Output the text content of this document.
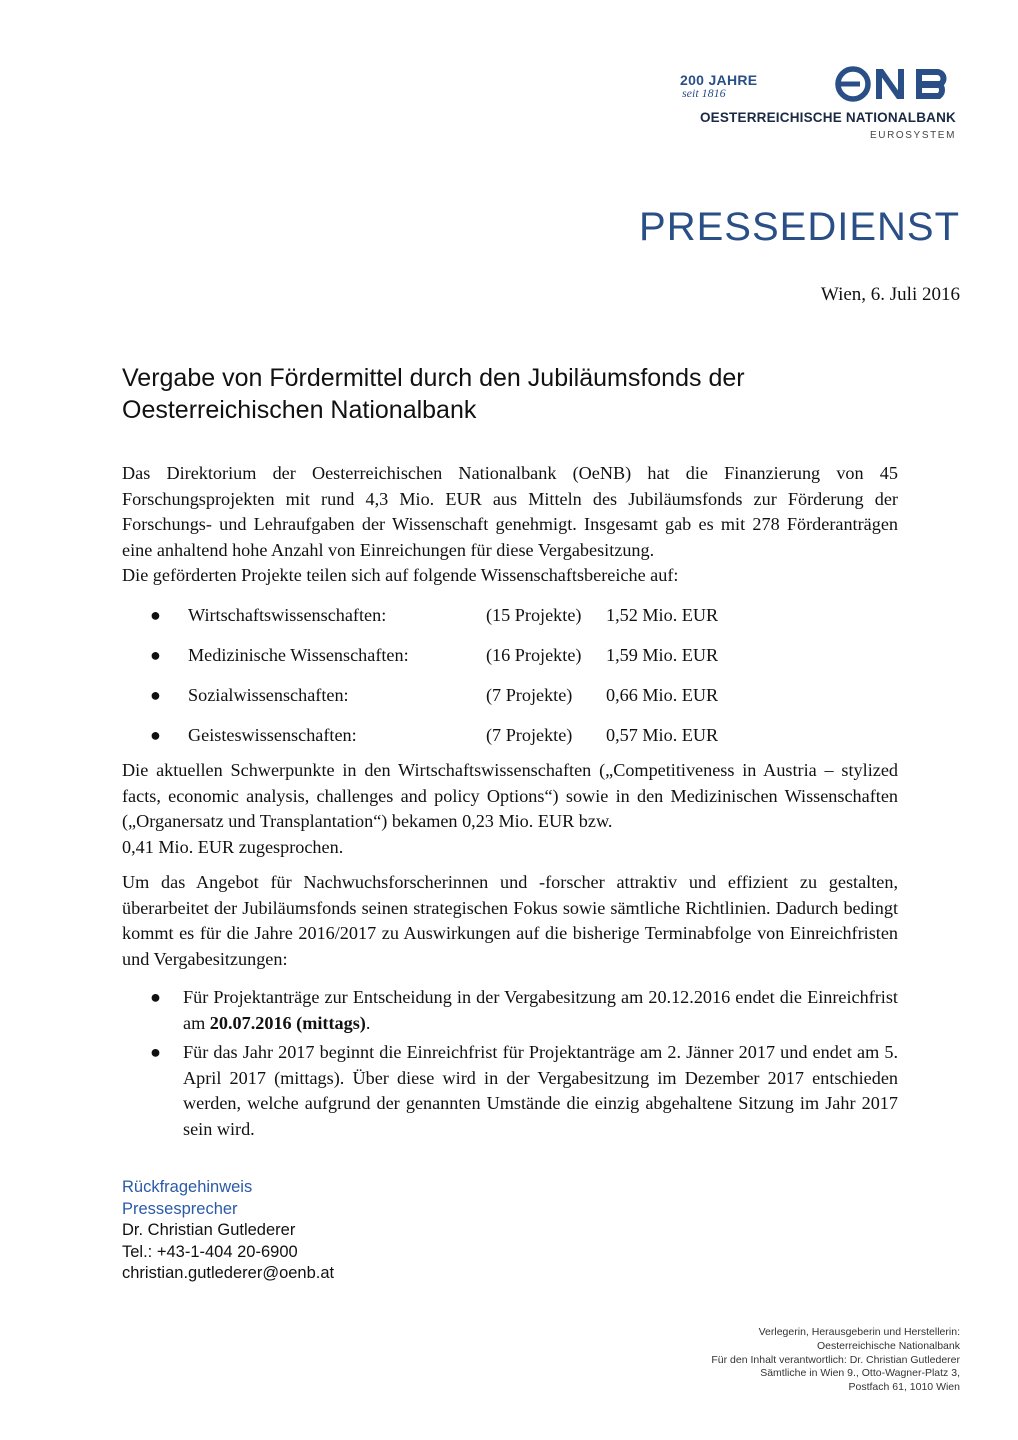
200 JAHRE
seit 1816
OESTERREICHISCHE NATIONALBANK
EUROSYSTEM
PRESSEDIENST
Wien, 6. Juli 2016
Vergabe von Fördermittel durch den Jubiläumsfonds der
Oesterreichischen Nationalbank
Das Direktorium der Oesterreichischen Nationalbank (OeNB) hat die Finanzierung von 45 Forschungsprojekten mit rund 4,3 Mio. EUR aus Mitteln des Jubiläumsfonds zur Förderung der Forschungs- und Lehraufgaben der Wissenschaft genehmigt. Insgesamt gab es mit 278 Förderanträgen eine anhaltend hohe Anzahl von Einreichungen für diese Vergabesitzung.
Die geförderten Projekte teilen sich auf folgende Wissenschaftsbereiche auf:
● Wirtschaftswissenschaften:	(15 Projekte) 1,52 Mio. EUR
● Medizinische Wissenschaften:	(16 Projekte) 1,59 Mio. EUR
● Sozialwissenschaften:	(7 Projekte) 0,66 Mio. EUR
● Geisteswissenschaften:	(7 Projekte) 0,57 Mio. EUR
Die aktuellen Schwerpunkte in den Wirtschaftswissenschaften („Competitiveness in Austria – stylized facts, economic analysis, challenges and policy Options“) sowie in den Medizinischen Wissenschaften („Organersatz und Transplantation“) bekamen 0,23 Mio. EUR bzw.
0,41 Mio. EUR zugesprochen.
Um das Angebot für Nachwuchsforscherinnen und -forscher attraktiv und effizient zu gestalten, überarbeitet der Jubiläumsfonds seinen strategischen Fokus sowie sämtliche Richtlinien. Dadurch bedingt kommt es für die Jahre 2016/2017 zu Auswirkungen auf die bisherige Terminabfolge von Einreichfristen und Vergabesitzungen:
● Für Projektanträge zur Entscheidung in der Vergabesitzung am 20.12.2016 endet die Einreichfrist am 20.07.2016 (mittags).
● Für das Jahr 2017 beginnt die Einreichfrist für Projektanträge am 2. Jänner 2017 und endet am 5. April 2017 (mittags). Über diese wird in der Vergabesitzung im Dezember 2017 entschieden werden, welche aufgrund der genannten Umstände die einzig abgehaltene Sitzung im Jahr 2017 sein wird.
Rückfragehinweis
Pressesprecher
Dr. Christian Gutlederer
Tel.: +43-1-404 20-6900
christian.gutlederer@oenb.at
Verlegerin, Herausgeberin und Herstellerin:
Oesterreichische Nationalbank
Für den Inhalt verantwortlich: Dr. Christian Gutlederer
Sämtliche in Wien 9., Otto-Wagner-Platz 3,
Postfach 61, 1010 Wien
